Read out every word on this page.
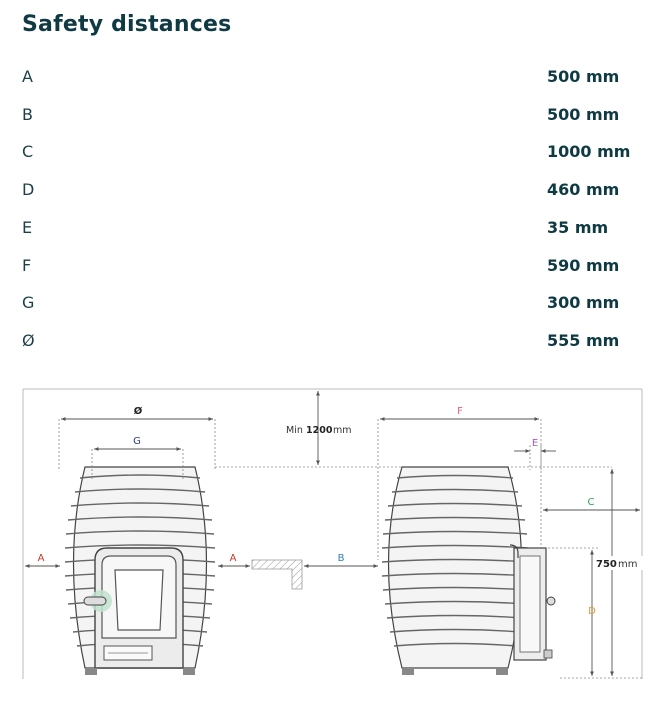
Safety distances
A	500 mm
B	500 mm
C	1000 mm
D	460 mm
E	35 mm
F	590 mm
G	300 mm
Ø	555 mm
Ø
G
A	A	B
Min 1200 mm
F
E
C
D
750 mm
